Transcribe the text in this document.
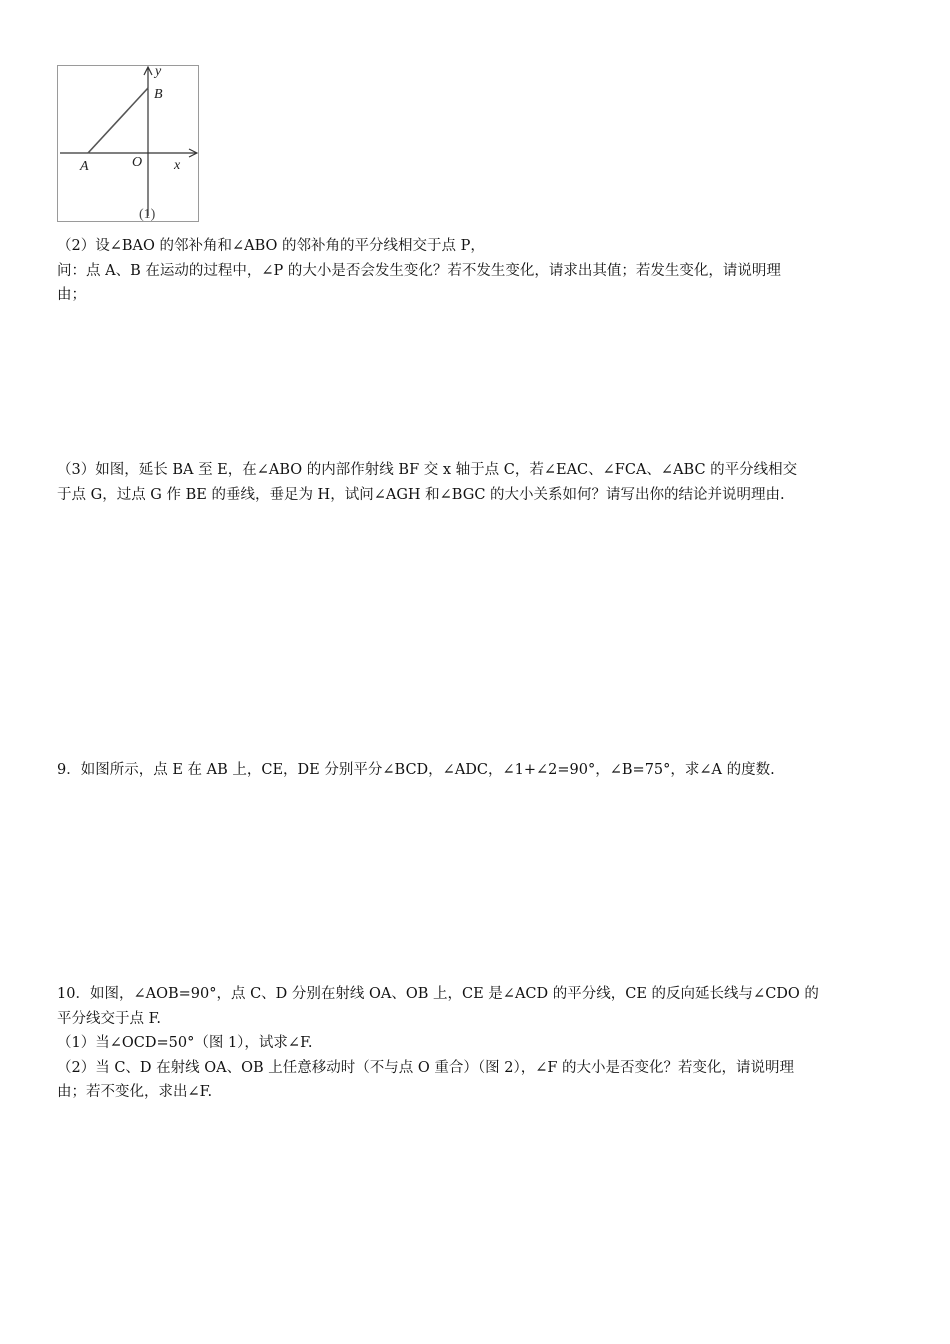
y
B
A	O x
(1)

（2）设∠BAO 的邻补角和∠ABO 的邻补角的平分线相交于点 P，

问：点 A、B 在运动的过程中，∠P 的大小是否会发生变化？若不发生变化，请求出其值；若发生变化，请说明理

由；

（3）如图，延长 BA 至 E，在∠ABO 的内部作射线 BF 交 x 轴于点 C，若∠EAC、∠FCA、∠ABC 的平分线相交

于点 G，过点 G 作 BE 的垂线，垂足为 H，试问∠AGH 和∠BGC 的大小关系如何？请写出你的结论并说明理由.

9．如图所示，点 E 在 AB 上，CE，DE 分别平分∠BCD，∠ADC，∠1+∠2=90°，∠B=75°，求∠A 的度数.

10．如图，∠AOB=90°，点 C、D 分别在射线 OA、OB 上，CE 是∠ACD 的平分线，CE 的反向延长线与∠CDO 的

平分线交于点 F.

（1）当∠OCD=50°（图 1），试求∠F.

（2）当 C、D 在射线 OA、OB 上任意移动时（不与点 O 重合）（图 2），∠F 的大小是否变化？若变化，请说明理

由；若不变化，求出∠F.
